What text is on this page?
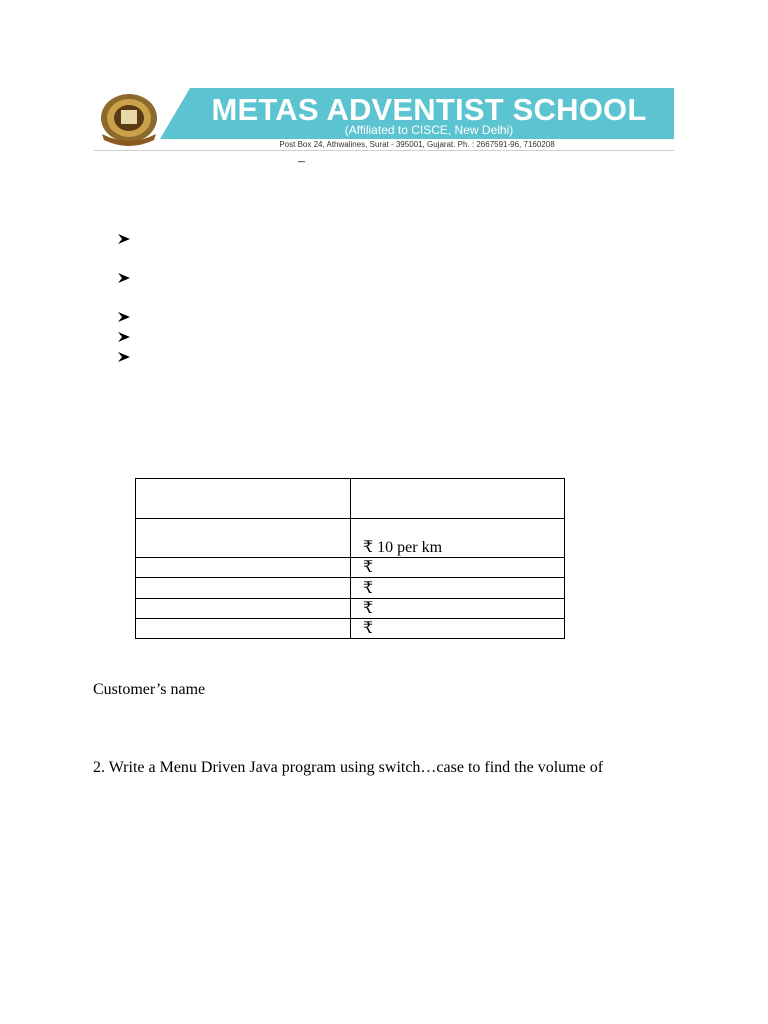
METAS ADVENTIST SCHOOL
(Affiliated to CISCE, New Delhi)
Post Box 24, Athwalines, Surat - 395001, Gujarat. Ph. : 2667591-96, 7160208
–

	₹ 10 per km
	₹
	₹
	₹
	₹
Customer’s name
2. Write a Menu Driven Java program using switch…case to find the volume of
